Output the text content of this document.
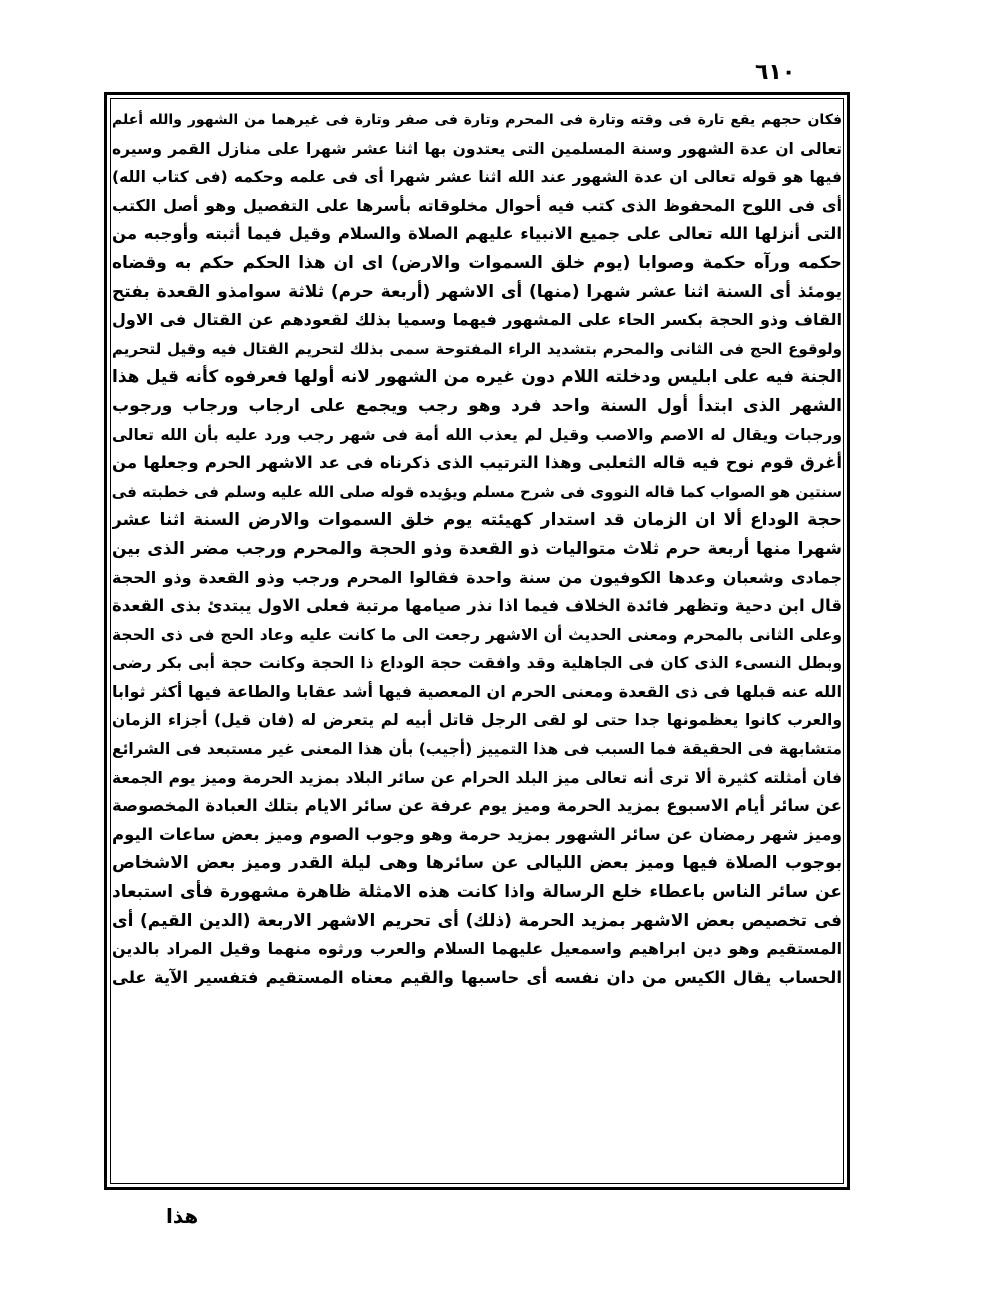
٦١٠
فكان حجهم يقع تارة فى وقته وتارة فى المحرم وتارة فى صفر وتارة فى غيرهما من الشهور والله أعلم
تعالى ان عدة الشهور وسنة المسلمين التى يعتدون بها اثنا عشر شهرا على منازل القمر وسيره
فيها هو قوله تعالى ان عدة الشهور عند الله اثنا عشر شهرا أى فى علمه وحكمه (فى كتاب الله)
أى فى اللوح المحفوظ الذى كتب فيه أحوال مخلوقاته بأسرها على التفصيل وهو أصل الكتب
التى أنزلها الله تعالى على جميع الانبياء عليهم الصلاة والسلام وقيل فيما أثبته وأوجبه من
حكمه ورآه حكمة وصوابا (يوم خلق السموات والارض) اى ان هذا الحكم حكم به وقضاه
يومئذ أى السنة اثنا عشر شهرا (منها) أى الاشهر (أربعة حرم) ثلاثة سوامذو القعدة بفتح
القاف وذو الحجة بكسر الحاء على المشهور فيهما وسميا بذلك لقعودهم عن القتال فى الاول
ولوقوع الحج فى الثانى والمحرم بتشديد الراء المفتوحة سمى بذلك لتحريم القتال فيه وقيل لتحريم
الجنة فيه على ابليس ودخلته اللام دون غيره من الشهور لانه أولها فعرفوه كأنه قيل هذا
الشهر الذى ابتدأ أول السنة واحد فرد وهو رجب ويجمع على ارجاب ورجاب ورجوب
ورجبات ويقال له الاصم والاصب وقيل لم يعذب الله أمة فى شهر رجب ورد عليه بأن الله تعالى
أغرق قوم نوح فيه قاله الثعلبى وهذا الترتيب الذى ذكرناه فى عد الاشهر الحرم وجعلها من
سنتين هو الصواب كما قاله النووى فى شرح مسلم ويؤيده قوله صلى الله عليه وسلم فى خطبته فى
حجة الوداع ألا ان الزمان قد استدار كهيئته يوم خلق السموات والارض السنة اثنا عشر
شهرا منها أربعة حرم ثلاث متواليات ذو القعدة وذو الحجة والمحرم ورجب مضر الذى بين
جمادى وشعبان وعدها الكوفيون من سنة واحدة فقالوا المحرم ورجب وذو القعدة وذو الحجة
قال ابن دحية وتظهر فائدة الخلاف فيما اذا نذر صيامها مرتبة فعلى الاول يبتدئ بذى القعدة
وعلى الثانى بالمحرم ومعنى الحديث أن الاشهر رجعت الى ما كانت عليه وعاد الحج فى ذى الحجة
وبطل النسىء الذى كان فى الجاهلية وقد وافقت حجة الوداع ذا الحجة وكانت حجة أبى بكر رضى
الله عنه قبلها فى ذى القعدة ومعنى الحرم ان المعصية فيها أشد عقابا والطاعة فيها أكثر ثوابا
والعرب كانوا يعظمونها جدا حتى لو لقى الرجل قاتل أبيه لم يتعرض له (فان قيل) أجزاء الزمان
متشابهة فى الحقيقة فما السبب فى هذا التمييز (أجيب) بأن هذا المعنى غير مستبعد فى الشرائع
فان أمثلته كثيرة ألا ترى أنه تعالى ميز البلد الحرام عن سائر البلاد بمزيد الحرمة وميز يوم الجمعة
عن سائر أيام الاسبوع بمزيد الحرمة وميز يوم عرفة عن سائر الايام بتلك العبادة المخصوصة
وميز شهر رمضان عن سائر الشهور بمزيد حرمة وهو وجوب الصوم وميز بعض ساعات اليوم
بوجوب الصلاة فيها وميز بعض الليالى عن سائرها وهى ليلة القدر وميز بعض الاشخاص
عن سائر الناس باعطاء خلع الرسالة واذا كانت هذه الامثلة ظاهرة مشهورة فأى استبعاد
فى تخصيص بعض الاشهر بمزيد الحرمة (ذلك) أى تحريم الاشهر الاربعة (الدين القيم) أى
المستقيم وهو دين ابراهيم واسمعيل عليهما السلام والعرب ورثوه منهما وقيل المراد بالدين
الحساب يقال الكيس من دان نفسه أى حاسبها والقيم معناه المستقيم فتفسير الآية على
هذا
